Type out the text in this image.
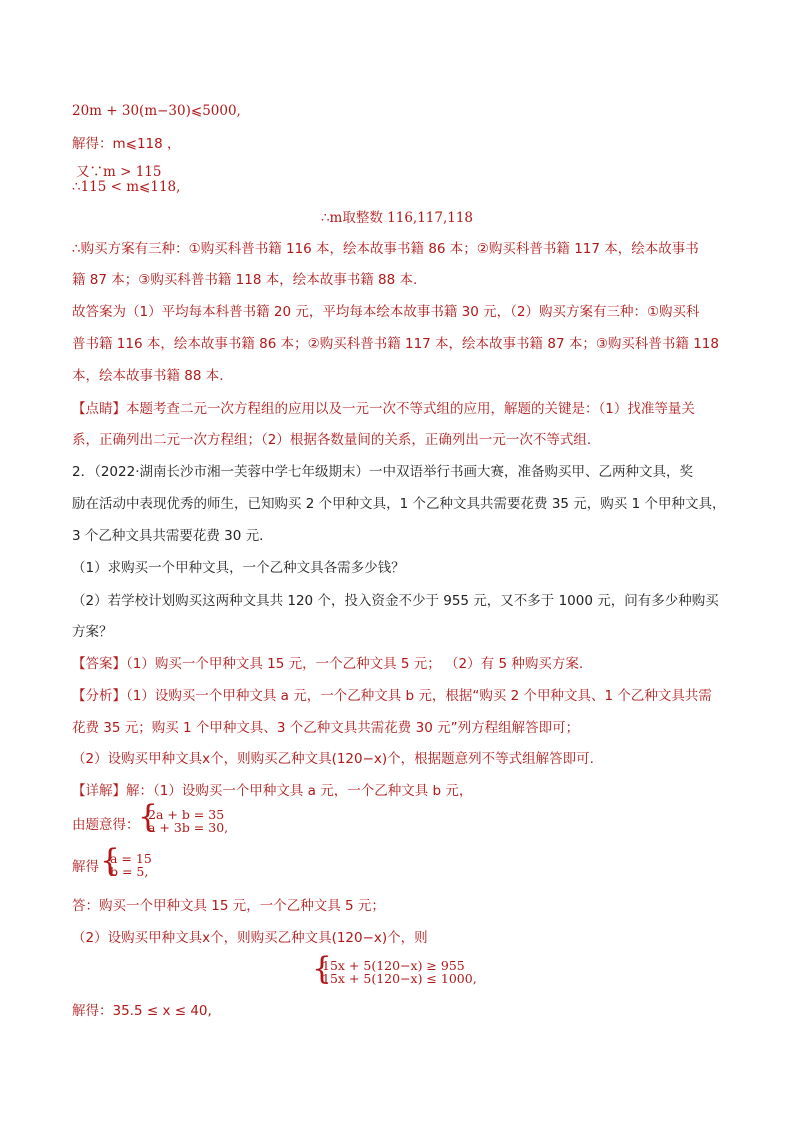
20m + 30(m−30)⩽5000,
解得：m⩽118 ，
又∵m > 115
∴115 < m⩽118,
∴m取整数 116,117,118
∴购买方案有三种：①购买科普书籍 116 本，绘本故事书籍 86 本；②购买科普书籍 117 本，绘本故事书
籍 87 本；③购买科普书籍 118 本，绘本故事书籍 88 本.
故答案为（1）平均每本科普书籍 20 元，平均每本绘本故事书籍 30 元，（2）购买方案有三种：①购买科
普书籍 116 本，绘本故事书籍 86 本；②购买科普书籍 117 本，绘本故事书籍 87 本；③购买科普书籍 118
本，绘本故事书籍 88 本.
【点睛】本题考查二元一次方程组的应用以及一元一次不等式组的应用，解题的关键是：（1）找准等量关
系，正确列出二元一次方程组；（2）根据各数量间的关系，正确列出一元一次不等式组.
2．（2022·湖南长沙市湘一芙蓉中学七年级期末）一中双语举行书画大赛，准备购买甲、乙两种文具，奖
励在活动中表现优秀的师生，已知购买 2 个甲种文具，1 个乙种文具共需要花费 35 元，购买 1 个甲种文具，
3 个乙种文具共需要花费 30 元.
（1）求购买一个甲种文具，一个乙种文具各需多少钱？
（2）若学校计划购买这两种文具共 120 个，投入资金不少于 955 元，又不多于 1000 元，问有多少种购买
方案？
【答案】（1）购买一个甲种文具 15 元，一个乙种文具 5 元； （2）有 5 种购买方案.
【分析】（1）设购买一个甲种文具 a 元，一个乙种文具 b 元，根据“购买 2 个甲种文具、1 个乙种文具共需
花费 35 元；购买 1 个甲种文具、3 个乙种文具共需花费 30 元”列方程组解答即可；
（2）设购买甲种文具x个，则购买乙种文具(120−x)个，根据题意列不等式组解答即可.
【详解】解：（1）设购买一个甲种文具 a 元，一个乙种文具 b 元，
由题意得：
{
2a + b = 35
a + 3b = 30 ,
解得 {
a = 15
b = 5 ,
答：购买一个甲种文具 15 元，一个乙种文具 5 元；
（2）设购买甲种文具x个，则购买乙种文具(120−x)个，则
{
15x + 5(120−x) ≥ 955
15x + 5(120−x) ≤ 1000 ,
解得：35.5 ≤ x ≤ 40,
